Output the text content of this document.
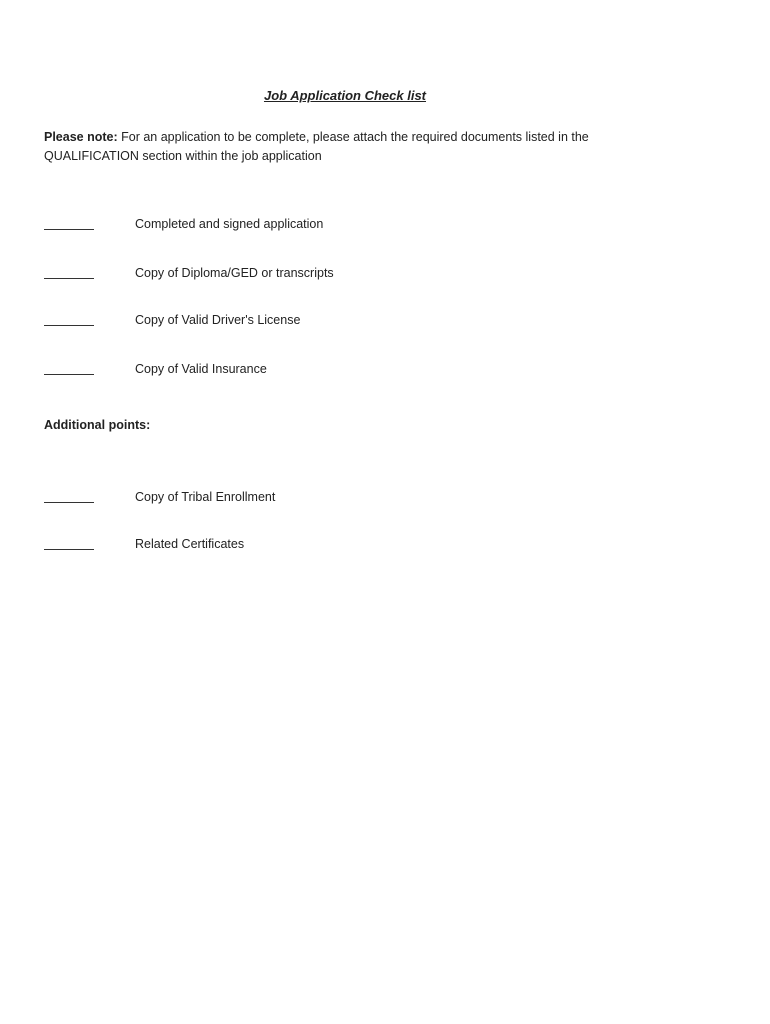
Job Application Check list
Please note: For an application to be complete, please attach the required documents listed in the QUALIFICATION section within the job application
Completed and signed application
Copy of Diploma/GED or transcripts
Copy of Valid Driver's License
Copy of Valid Insurance
Additional points:
Copy of Tribal Enrollment
Related Certificates
